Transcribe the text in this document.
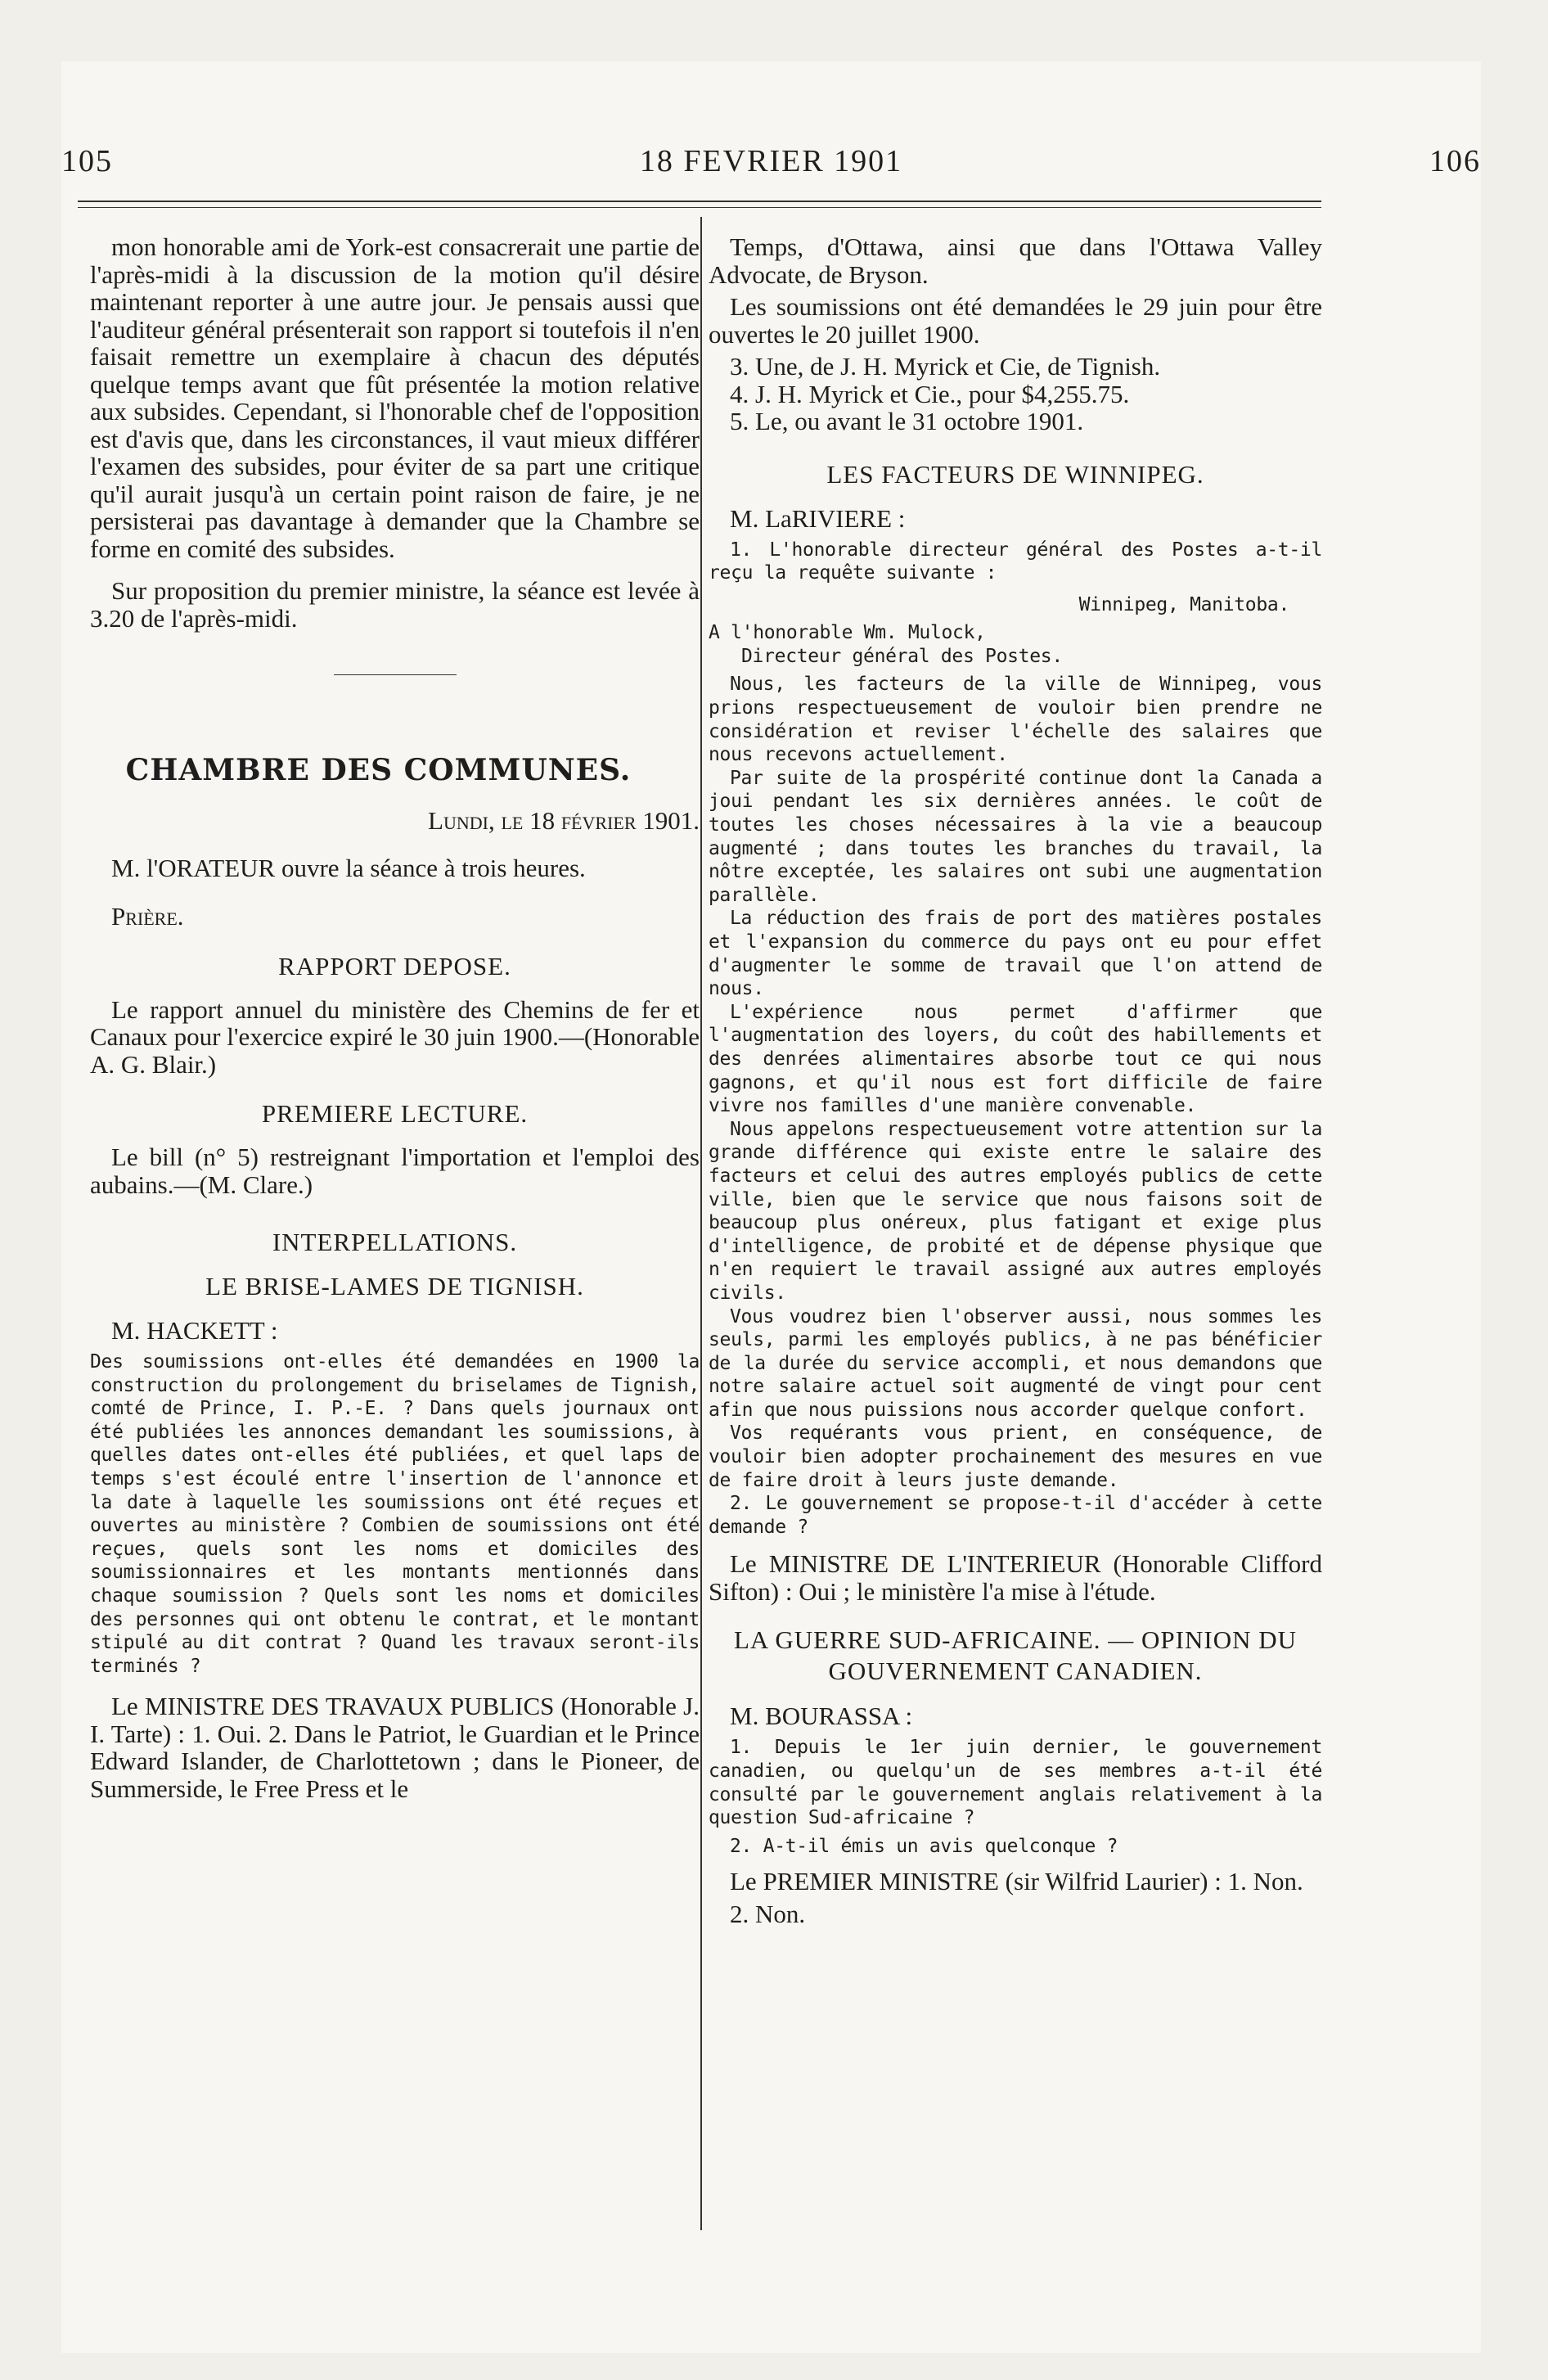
105	18 FEVRIER 1901	106

mon honorable ami de York-est consacrerait une partie de l'après-midi à la discussion de la motion qu'il désire maintenant reporter à une autre jour. Je pensais aussi que l'auditeur général présenterait son rapport si toutefois il n'en faisait remettre un exemplaire à chacun des députés quelque temps avant que fût présentée la motion relative aux subsides. Cependant, si l'honorable chef de l'opposition est d'avis que, dans les circonstances, il vaut mieux différer l'examen des subsides, pour éviter de sa part une critique qu'il aurait jusqu'à un certain point raison de faire, je ne persisterai pas davantage à demander que la Chambre se forme en comité des subsides.

Sur proposition du premier ministre, la séance est levée à 3.20 de l'après-midi.

CHAMBRE DES COMMUNES.

Lundi, le 18 février 1901.

M. l'ORATEUR ouvre la séance à trois heures.

Prière.

RAPPORT DEPOSE.

Le rapport annuel du ministère des Chemins de fer et Canaux pour l'exercice expiré le 30 juin 1900.—(Honorable A. G. Blair.)

PREMIERE LECTURE.

Le bill (n° 5) restreignant l'importation et l'emploi des aubains.—(M. Clare.)

INTERPELLATIONS.

LE BRISE-LAMES DE TIGNISH.

M. HACKETT :

Des soumissions ont-elles été demandées en 1900 la construction du prolongement du briselames de Tignish, comté de Prince, I. P.-E. ? Dans quels journaux ont été publiées les annonces demandant les soumissions, à quelles dates ont-elles été publiées, et quel laps de temps s'est écoulé entre l'insertion de l'annonce et la date à laquelle les soumissions ont été reçues et ouvertes au ministère ? Combien de soumissions ont été reçues, quels sont les noms et domiciles des soumissionnaires et les montants mentionnés dans chaque soumission ? Quels sont les noms et domiciles des personnes qui ont obtenu le contrat, et le montant stipulé au dit contrat ? Quand les travaux seront-ils terminés ?

Le MINISTRE DES TRAVAUX PUBLICS (Honorable J. I. Tarte) : 1. Oui. 2. Dans le Patriot, le Guardian et le Prince Edward Islander, de Charlottetown ; dans le Pioneer, de Summerside, le Free Press et le

Temps, d'Ottawa, ainsi que dans l'Ottawa Valley Advocate, de Bryson.

Les soumissions ont été demandées le 29 juin pour être ouvertes le 20 juillet 1900.

3. Une, de J. H. Myrick et Cie, de Tignish.

4. J. H. Myrick et Cie., pour $4,255.75.

5. Le, ou avant le 31 octobre 1901.

LES FACTEURS DE WINNIPEG.

M. LaRIVIERE :

1. L'honorable directeur général des Postes a-t-il reçu la requête suivante :

Winnipeg, Manitoba.

A l'honorable Wm. Mulock,

Directeur général des Postes.

Nous, les facteurs de la ville de Winnipeg, vous prions respectueusement de vouloir bien prendre ne considération et reviser l'échelle des salaires que nous recevons actuellement.

Par suite de la prospérité continue dont la Canada a joui pendant les six dernières années. le coût de toutes les choses nécessaires à la vie a beaucoup augmenté ; dans toutes les branches du travail, la nôtre exceptée, les salaires ont subi une augmentation parallèle.

La réduction des frais de port des matières postales et l'expansion du commerce du pays ont eu pour effet d'augmenter le somme de travail que l'on attend de nous.

L'expérience nous permet d'affirmer que l'augmentation des loyers, du coût des habillements et des denrées alimentaires absorbe tout ce qui nous gagnons, et qu'il nous est fort difficile de faire vivre nos familles d'une manière convenable.

Nous appelons respectueusement votre attention sur la grande différence qui existe entre le salaire des facteurs et celui des autres employés publics de cette ville, bien que le service que nous faisons soit de beaucoup plus onéreux, plus fatigant et exige plus d'intelligence, de probité et de dépense physique que n'en requiert le travail assigné aux autres employés civils.

Vous voudrez bien l'observer aussi, nous sommes les seuls, parmi les employés publics, à ne pas bénéficier de la durée du service accompli, et nous demandons que notre salaire actuel soit augmenté de vingt pour cent afin que nous puissions nous accorder quelque confort.

Vos requérants vous prient, en conséquence, de vouloir bien adopter prochainement des mesures en vue de faire droit à leurs juste demande.

2. Le gouvernement se propose-t-il d'accéder à cette demande ?

Le MINISTRE DE L'INTERIEUR (Honorable Clifford Sifton) : Oui ; le ministère l'a mise à l'étude.

LA GUERRE SUD-AFRICAINE. — OPINION DU GOUVERNEMENT CANADIEN.

M. BOURASSA :

1. Depuis le 1er juin dernier, le gouvernement canadien, ou quelqu'un de ses membres a-t-il été consulté par le gouvernement anglais relativement à la question Sud-africaine ?

2. A-t-il émis un avis quelconque ?

Le PREMIER MINISTRE (sir Wilfrid Laurier) : 1. Non.

2. Non.
